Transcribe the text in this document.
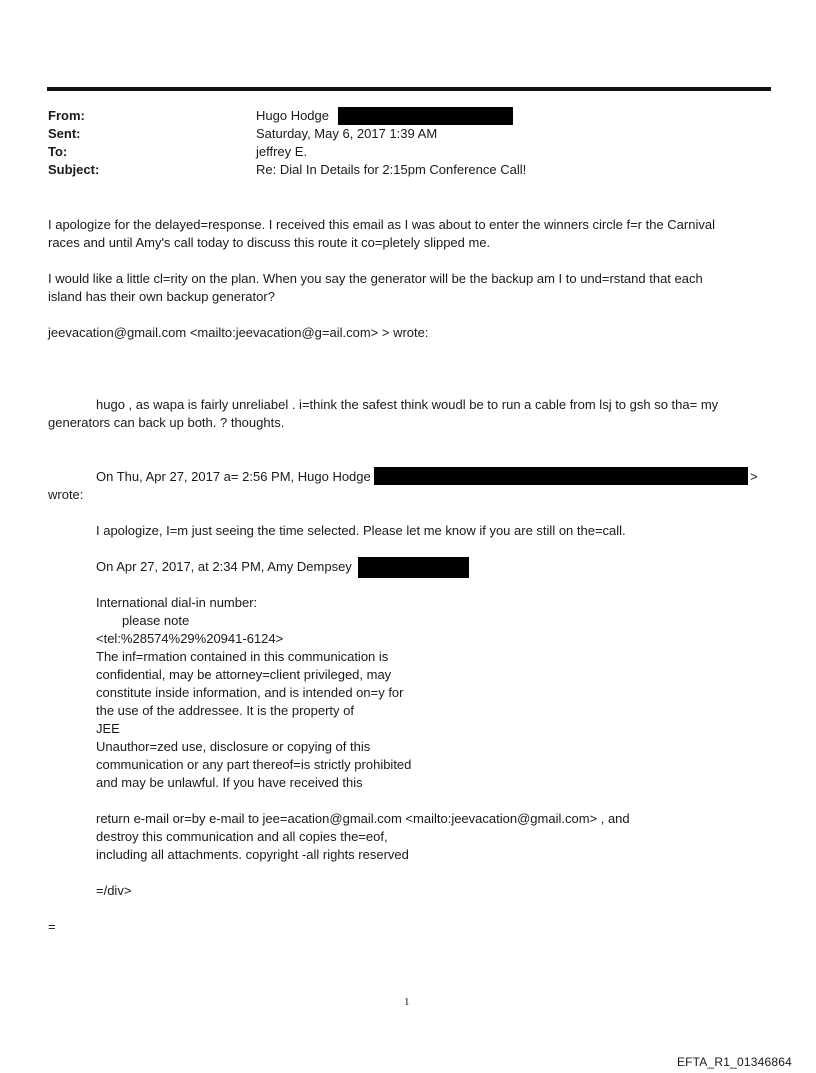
From:	Hugo Hodge
Sent:	Saturday, May 6, 2017 1:39 AM
To:	jeffrey E.
Subject:	Re: Dial In Details for 2:15pm Conference Call!
I apologize for the delayed=response. I received this email as I was about to enter the winners circle f=r the Carnival
races and until Amy's call today to discuss this route it co=pletely slipped me.
I would like a little cl=rity on the plan. When you say the generator will be the backup am I to und=rstand that each
island has their own backup generator?
jeevacation@gmail.com <mailto:jeevacation@g=ail.com> > wrote:
hugo , as wapa is fairly unreliabel . i=think the safest think woudl be to run a cable from lsj to gsh so tha= my
generators can back up both. ? thoughts.
On Thu, Apr 27, 2017 a= 2:56 PM, Hugo Hodge	>
wrote:
I apologize, I=m just seeing the time selected. Please let me know if you are still on the=call.
On Apr 27, 2017, at 2:34 PM, Amy Dempsey
International dial-in number:
please note
<tel:%28574%29%20941-6124>
The inf=rmation contained in this communication is
confidential, may be attorney=client privileged, may
constitute inside information, and is intended on=y for
the use of the addressee. It is the property of
JEE
Unauthor=zed use, disclosure or copying of this
communication or any part thereof=is strictly prohibited
and may be unlawful. If you have received this
return e-mail or=by e-mail to jee=acation@gmail.com <mailto:jeevacation@gmail.com> , and
destroy this communication and all copies the=eof,
including all attachments. copyright -all rights reserved
=/div>
=
1
EFTA_R1_01346864
